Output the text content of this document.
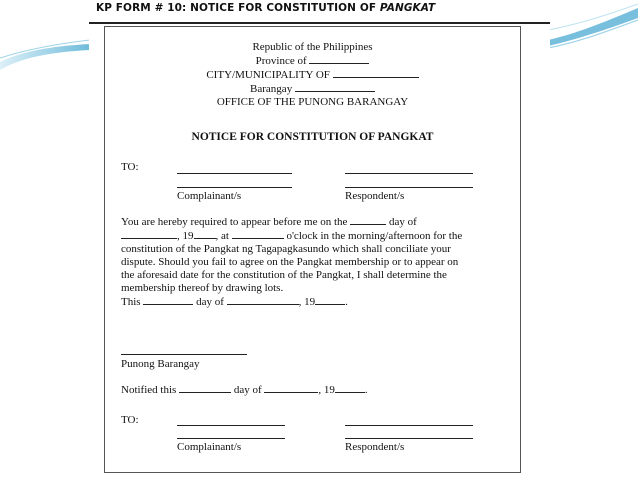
KP FORM # 10: NOTICE FOR CONSTITUTION OF PANGKAT
Republic of the Philippines
Province of
CITY/MUNICIPALITY OF
Barangay
OFFICE OF THE PUNONG BARANGAY
NOTICE FOR CONSTITUTION OF PANGKAT
TO:
Complainant/s	Respondent/s
You are hereby required to appear before me on the	day of
, 19 , at	o'clock in the morning/afternoon for the
constitution of the Pangkat ng Tagapagkasundo which shall conciliate your
dispute. Should you fail to agree on the Pangkat membership or to appear on
the aforesaid date for the constitution of the Pangkat, I shall determine the
membership thereof by drawing lots.
This	day of	, 19	.
Punong Barangay
Notified this	day of	, 19	.
TO:
Complainant/s	Respondent/s
